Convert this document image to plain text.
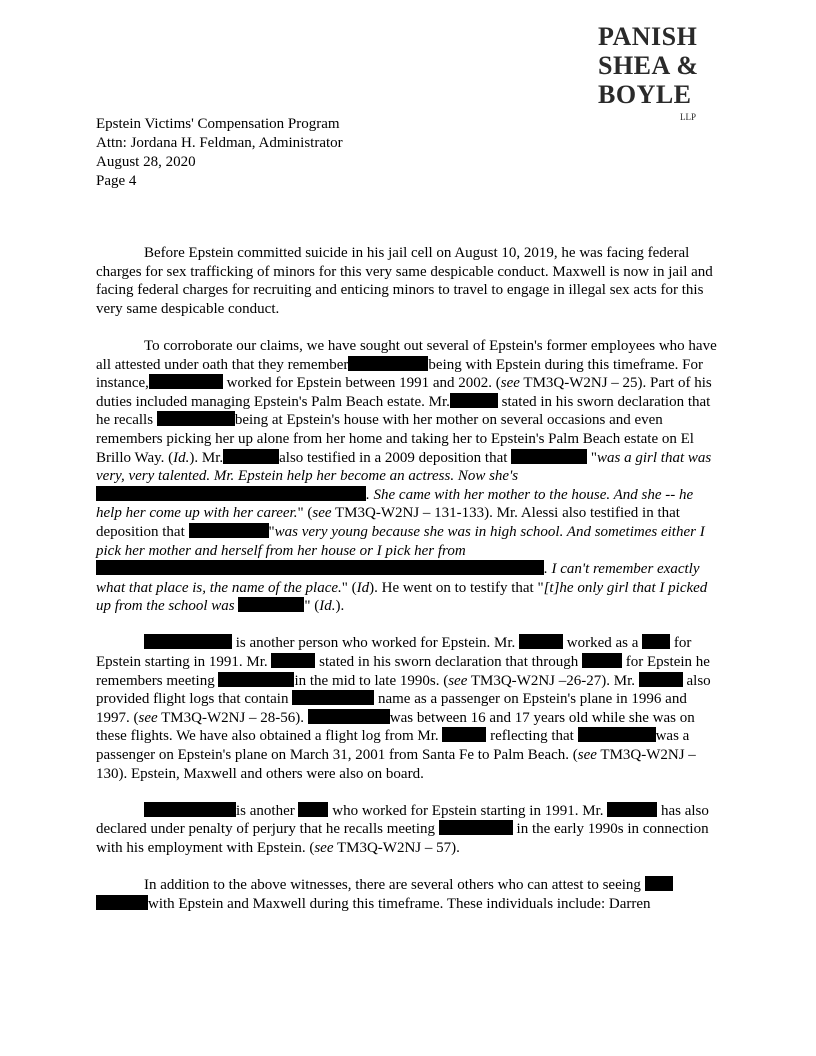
PANISH
SHEA &
BOYLE
LLP
Epstein Victims' Compensation Program
Attn: Jordana H. Feldman, Administrator
August 28, 2020
Page 4

Before Epstein committed suicide in his jail cell on August 10, 2019, he was facing federal charges for sex trafficking of minors for this very same despicable conduct. Maxwell is now in jail and facing federal charges for recruiting and enticing minors to travel to engage in illegal sex acts for this very same despicable conduct.

To corroborate our claims, we have sought out several of Epstein's former employees who have all attested under oath that they remember	being with Epstein during this timeframe. For instance,	worked for Epstein between 1991 and 2002. (see TM3Q-W2NJ – 25). Part of his duties included managing Epstein's Palm Beach estate. Mr.	stated in his sworn declaration that he recalls	being at Epstein's house with her mother on several occasions and even remembers picking her up alone from her home and taking her to Epstein's Palm Beach estate on El Brillo Way. (Id.). Mr.	also testified in a 2009 deposition that	"was a girl that was very, very talented. Mr. Epstein help her become an actress. Now she's . She came with her mother to the house. And she -- he help her come up with her career." (see TM3Q-W2NJ – 131-133). Mr. Alessi also testified in that deposition that	"was very young because she was in high school. And sometimes either I pick her mother and herself from her house or I pick her from. I can't remember exactly what that place is, the name of the place." (Id). He went on to testify that "[t]he only girl that I picked up from the school was	" (Id.).

is another person who worked for Epstein. Mr.	worked as a for Epstein starting in 1991. Mr.	stated in his sworn declaration that through	for Epstein he remembers meeting	in the mid to late 1990s. (see TM3Q-W2NJ –26-27). Mr.	also provided flight logs that contain	name as a passenger on Epstein's plane in 1996 and 1997. (see TM3Q-W2NJ – 28-56).	was between 16 and 17 years old while she was on these flights. We have also obtained a flight log from Mr.	reflecting that	was a passenger on Epstein's plane on March 31, 2001 from Santa Fe to Palm Beach. (see TM3Q-W2NJ – 130). Epstein, Maxwell and others were also on board.

is another	who worked for Epstein starting in 1991. Mr.	has also declared under penalty of perjury that he recalls meeting	in the early 1990s in connection with his employment with Epstein. (see TM3Q-W2NJ – 57).

In addition to the above witnesses, there are several others who can attest to seeing  with Epstein and Maxwell during this timeframe. These individuals include: Darren
